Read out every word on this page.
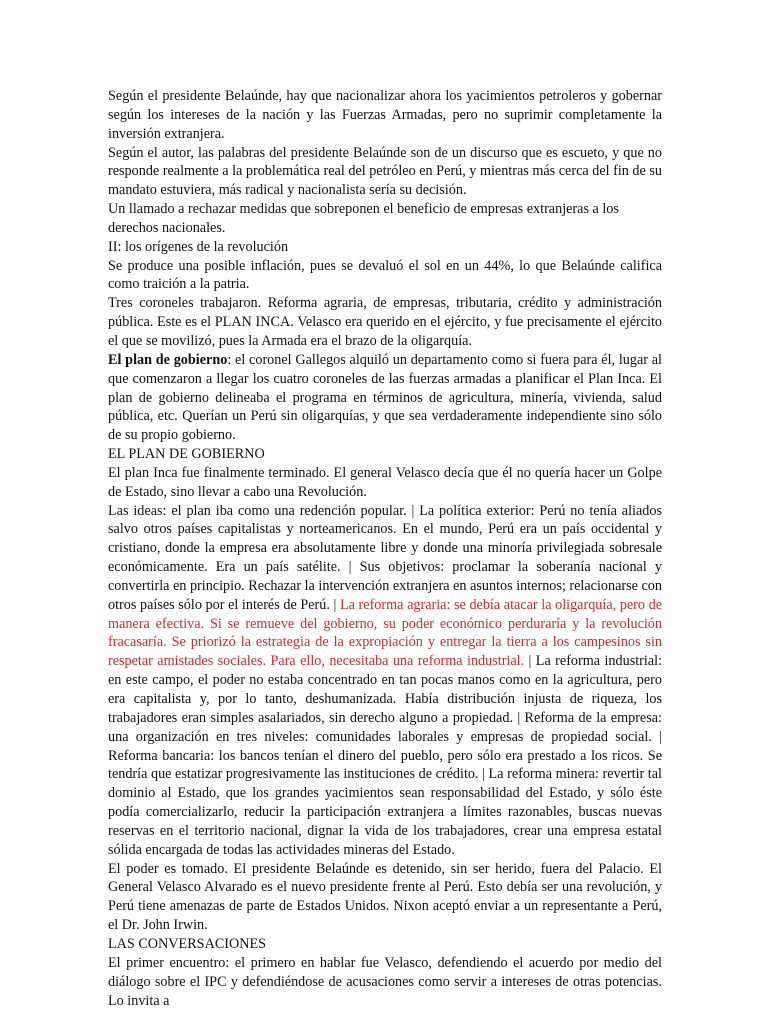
Según el presidente Belaúnde, hay que nacionalizar ahora los yacimientos petroleros y gobernar según los intereses de la nación y las Fuerzas Armadas, pero no suprimir completamente la inversión extranjera.

Según el autor, las palabras del presidente Belaúnde son de un discurso que es escueto, y que no responde realmente a la problemática real del petróleo en Perú, y mientras más cerca del fin de su mandato estuviera, más radical y nacionalista sería su decisión.

Un llamado a rechazar medidas que sobreponen el beneficio de empresas extranjeras a los derechos nacionales.

II: los orígenes de la revolución

Se produce una posible inflación, pues se devaluó el sol en un 44%, lo que Belaúnde califica como traición a la patria.

Tres coroneles trabajaron. Reforma agraria, de empresas, tributaria, crédito y administración pública. Este es el PLAN INCA. Velasco era querido en el ejército, y fue precisamente el ejército el que se movilizó, pues la Armada era el brazo de la oligarquía.

El plan de gobierno: el coronel Gallegos alquiló un departamento como si fuera para él, lugar al que comenzaron a llegar los cuatro coroneles de las fuerzas armadas a planificar el Plan Inca. El plan de gobierno delineaba el programa en términos de agricultura, minería, vivienda, salud pública, etc. Querían un Perú sin oligarquías, y que sea verdaderamente independiente sino sólo de su propio gobierno.

EL PLAN DE GOBIERNO

El plan Inca fue finalmente terminado. El general Velasco decía que él no quería hacer un Golpe de Estado, sino llevar a cabo una Revolución.

Las ideas: el plan iba como una redención popular. | La política exterior: Perú no tenía aliados salvo otros países capitalistas y norteamericanos. En el mundo, Perú era un país occidental y cristiano, donde la empresa era absolutamente libre y donde una minoría privilegiada sobresale económicamente. Era un país satélite. | Sus objetivos: proclamar la soberanía nacional y convertirla en principio. Rechazar la intervención extranjera en asuntos internos; relacionarse con otros países sólo por el interés de Perú. | La reforma agraria: se debía atacar la oligarquía, pero de manera efectiva. Si se remueve del gobierno, su poder económico perduraría y la revolución fracasaría. Se priorizó la estrategia de la expropiación y entregar la tierra a los campesinos sin respetar amistades sociales. Para ello, necesitaba una reforma industrial. | La reforma industrial: en este campo, el poder no estaba concentrado en tan pocas manos como en la agricultura, pero era capitalista y, por lo tanto, deshumanizada. Había distribución injusta de riqueza, los trabajadores eran simples asalariados, sin derecho alguno a propiedad. | Reforma de la empresa: una organización en tres niveles: comunidades laborales y empresas de propiedad social. | Reforma bancaria: los bancos tenían el dinero del pueblo, pero sólo era prestado a los ricos. Se tendría que estatizar progresivamente las instituciones de crédito. | La reforma minera: revertir tal dominio al Estado, que los grandes yacimientos sean responsabilidad del Estado, y sólo éste podía comercializarlo, reducir la participación extranjera a límites razonables, buscas nuevas reservas en el territorio nacional, dignar la vida de los trabajadores, crear una empresa estatal sólida encargada de todas las actividades mineras del Estado.

El poder es tomado. El presidente Belaúnde es detenido, sin ser herido, fuera del Palacio. El General Velasco Alvarado es el nuevo presidente frente al Perú. Esto debía ser una revolución, y Perú tiene amenazas de parte de Estados Unidos. Nixon aceptó enviar a un representante a Perú, el Dr. John Irwin.

LAS CONVERSACIONES

El primer encuentro: el primero en hablar fue Velasco, defendiendo el acuerdo por medio del diálogo sobre el IPC y defendiéndose de acusaciones como servir a intereses de otras potencias. Lo invita a
